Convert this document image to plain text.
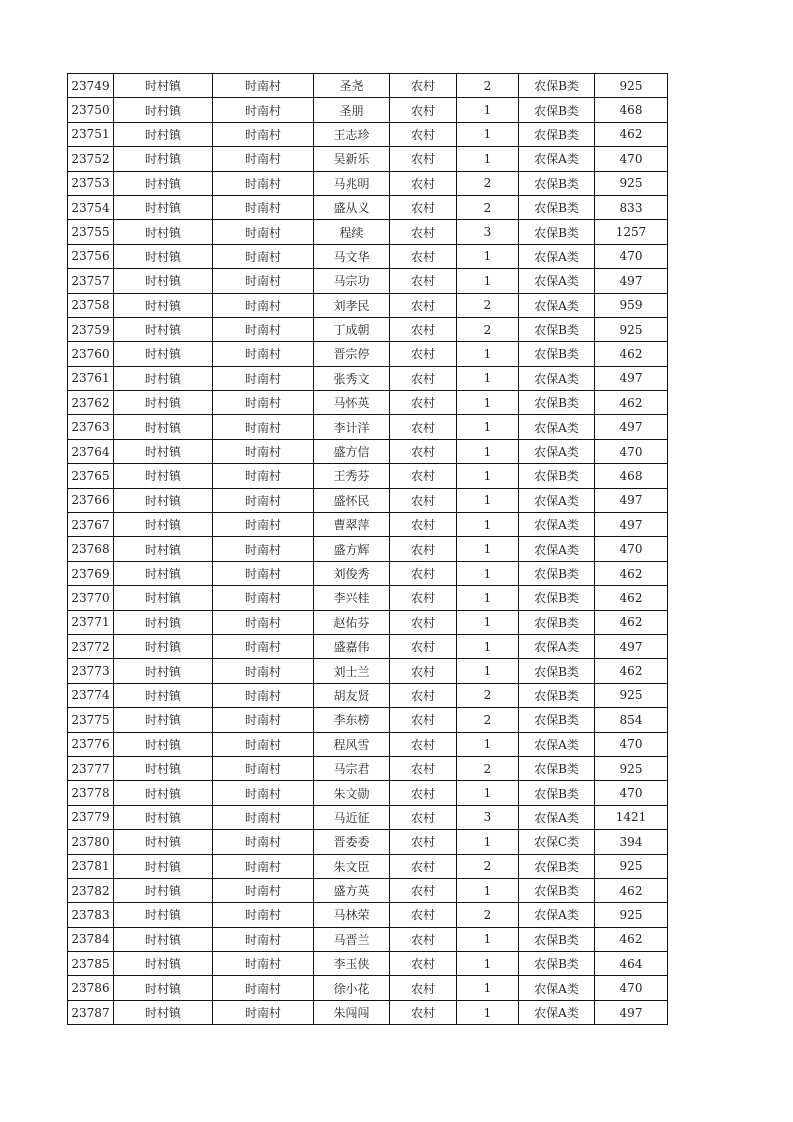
23749	时村镇	时南村	圣尧	农村	2	农保B类	925
23750	时村镇	时南村	圣朋	农村	1	农保B类	468
23751	时村镇	时南村	王志珍	农村	1	农保B类	462
23752	时村镇	时南村	吴新乐	农村	1	农保A类	470
23753	时村镇	时南村	马兆明	农村	2	农保B类	925
23754	时村镇	时南村	盛从义	农村	2	农保B类	833
23755	时村镇	时南村	程续	农村	3	农保B类	1257
23756	时村镇	时南村	马文华	农村	1	农保A类	470
23757	时村镇	时南村	马宗功	农村	1	农保A类	497
23758	时村镇	时南村	刘孝民	农村	2	农保A类	959
23759	时村镇	时南村	丁成朝	农村	2	农保B类	925
23760	时村镇	时南村	晋宗停	农村	1	农保B类	462
23761	时村镇	时南村	张秀文	农村	1	农保A类	497
23762	时村镇	时南村	马怀英	农村	1	农保B类	462
23763	时村镇	时南村	李计洋	农村	1	农保A类	497
23764	时村镇	时南村	盛方信	农村	1	农保A类	470
23765	时村镇	时南村	王秀芬	农村	1	农保B类	468
23766	时村镇	时南村	盛怀民	农村	1	农保A类	497
23767	时村镇	时南村	曹翠萍	农村	1	农保A类	497
23768	时村镇	时南村	盛方辉	农村	1	农保A类	470
23769	时村镇	时南村	刘俊秀	农村	1	农保B类	462
23770	时村镇	时南村	李兴桂	农村	1	农保B类	462
23771	时村镇	时南村	赵佑芬	农村	1	农保B类	462
23772	时村镇	时南村	盛嘉伟	农村	1	农保A类	497
23773	时村镇	时南村	刘士兰	农村	1	农保B类	462
23774	时村镇	时南村	胡友贤	农村	2	农保B类	925
23775	时村镇	时南村	李东榜	农村	2	农保B类	854
23776	时村镇	时南村	程风雪	农村	1	农保A类	470
23777	时村镇	时南村	马宗君	农村	2	农保B类	925
23778	时村镇	时南村	朱文勋	农村	1	农保B类	470
23779	时村镇	时南村	马近征	农村	3	农保A类	1421
23780	时村镇	时南村	晋委委	农村	1	农保C类	394
23781	时村镇	时南村	朱文臣	农村	2	农保B类	925
23782	时村镇	时南村	盛方英	农村	1	农保B类	462
23783	时村镇	时南村	马林荣	农村	2	农保A类	925
23784	时村镇	时南村	马晋兰	农村	1	农保B类	462
23785	时村镇	时南村	李玉侠	农村	1	农保B类	464
23786	时村镇	时南村	徐小花	农村	1	农保A类	470
23787	时村镇	时南村	朱闯闯	农村	1	农保A类	497
